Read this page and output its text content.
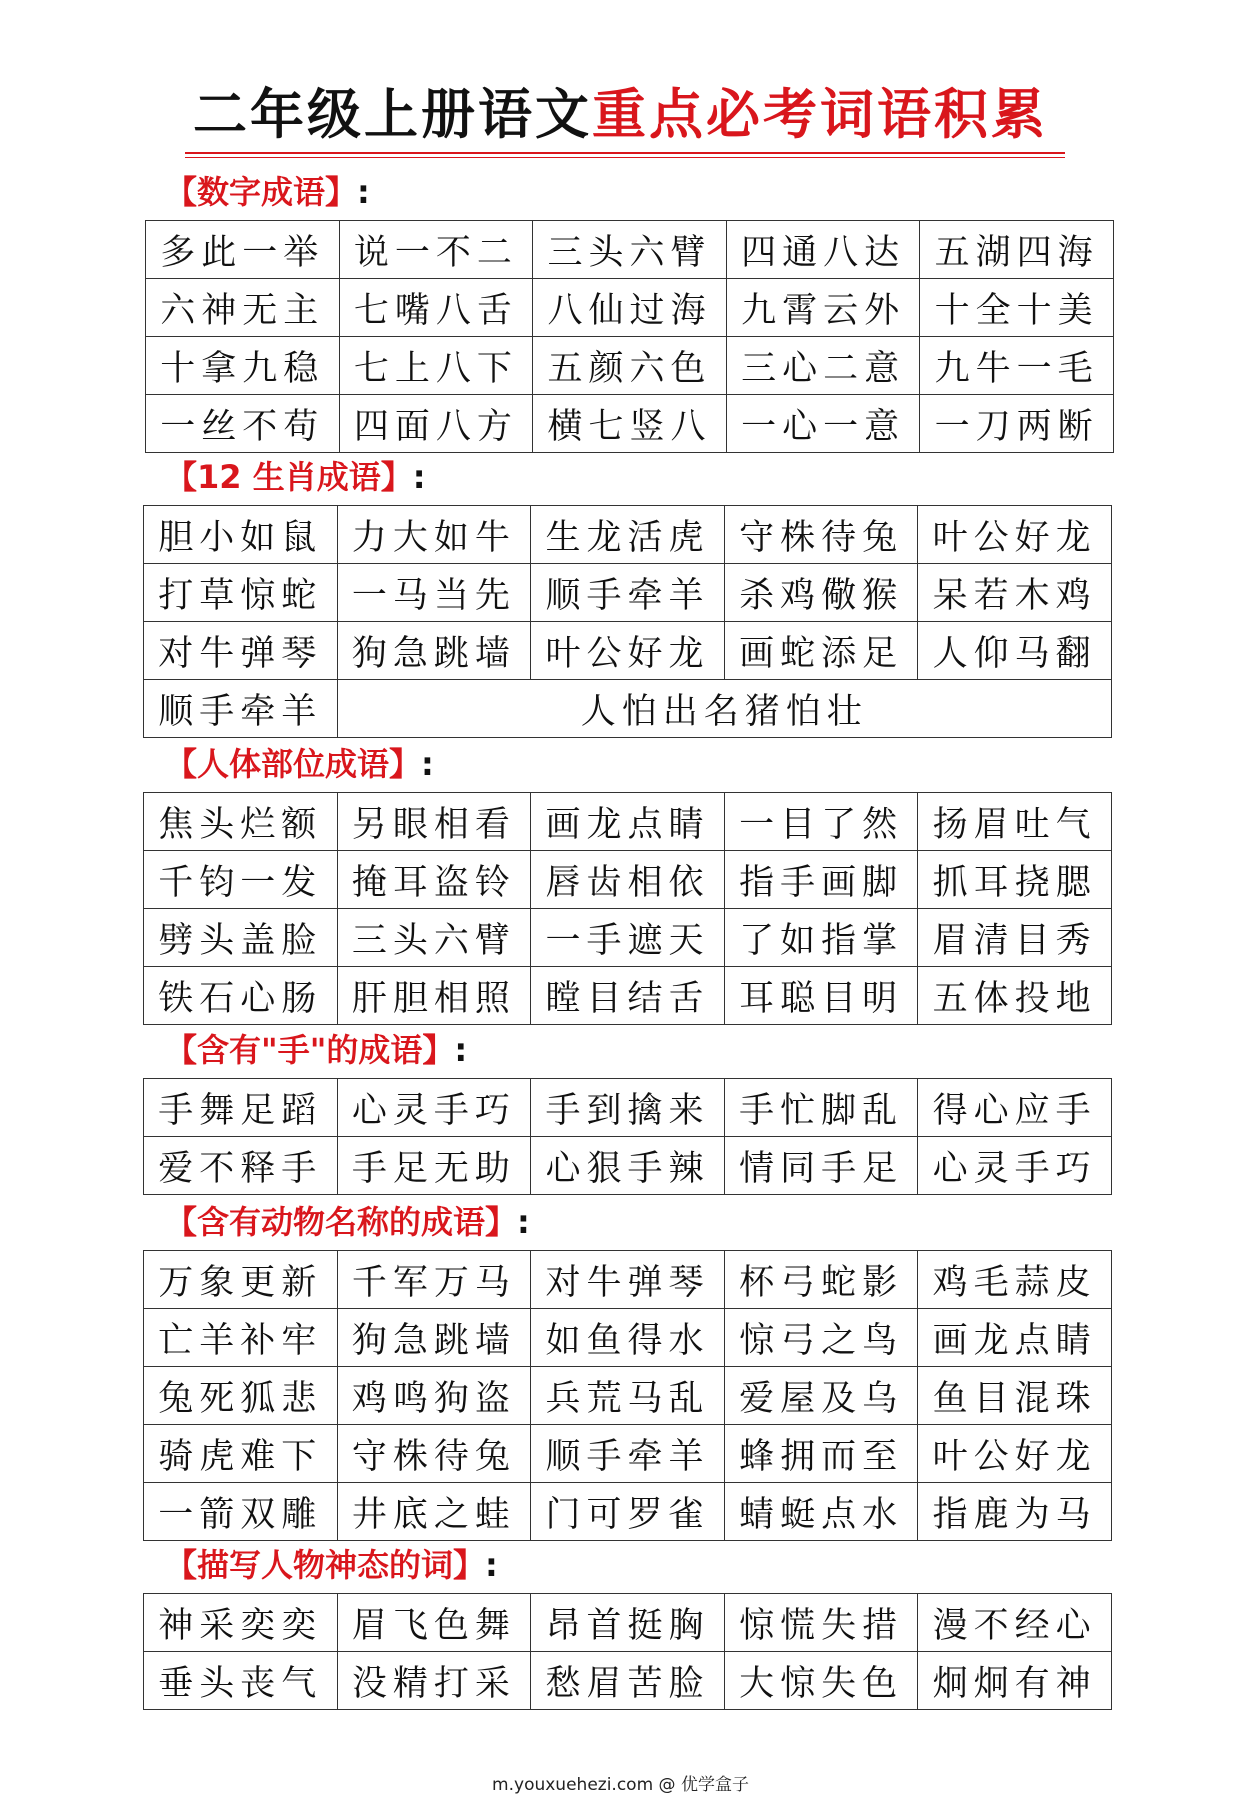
二年级上册语文重点必考词语积累
【数字成语】:
多此一举	说一不二	三头六臂	四通八达	五湖四海
六神无主	七嘴八舌	八仙过海	九霄云外	十全十美
十拿九稳	七上八下	五颜六色	三心二意	九牛一毛
一丝不苟	四面八方	横七竖八	一心一意	一刀两断
【12 生肖成语】:
胆小如鼠	力大如牛	生龙活虎	守株待兔	叶公好龙
打草惊蛇	一马当先	顺手牵羊	杀鸡儆猴	呆若木鸡
对牛弹琴	狗急跳墙	叶公好龙	画蛇添足	人仰马翻
顺手牵羊	人怕出名猪怕壮			
【人体部位成语】:
焦头烂额	另眼相看	画龙点睛	一目了然	扬眉吐气
千钧一发	掩耳盗铃	唇齿相依	指手画脚	抓耳挠腮
劈头盖脸	三头六臂	一手遮天	了如指掌	眉清目秀
铁石心肠	肝胆相照	瞠目结舌	耳聪目明	五体投地
【含有"手"的成语】:
手舞足蹈	心灵手巧	手到擒来	手忙脚乱	得心应手
爱不释手	手足无助	心狠手辣	情同手足	心灵手巧
【含有动物名称的成语】:
万象更新	千军万马	对牛弹琴	杯弓蛇影	鸡毛蒜皮
亡羊补牢	狗急跳墙	如鱼得水	惊弓之鸟	画龙点睛
兔死狐悲	鸡鸣狗盗	兵荒马乱	爱屋及乌	鱼目混珠
骑虎难下	守株待兔	顺手牵羊	蜂拥而至	叶公好龙
一箭双雕	井底之蛙	门可罗雀	蜻蜓点水	指鹿为马
【描写人物神态的词】:
神采奕奕	眉飞色舞	昂首挺胸	惊慌失措	漫不经心
垂头丧气	没精打采	愁眉苦脸	大惊失色	炯炯有神
m.youxuehezi.com @ 优学盒子
